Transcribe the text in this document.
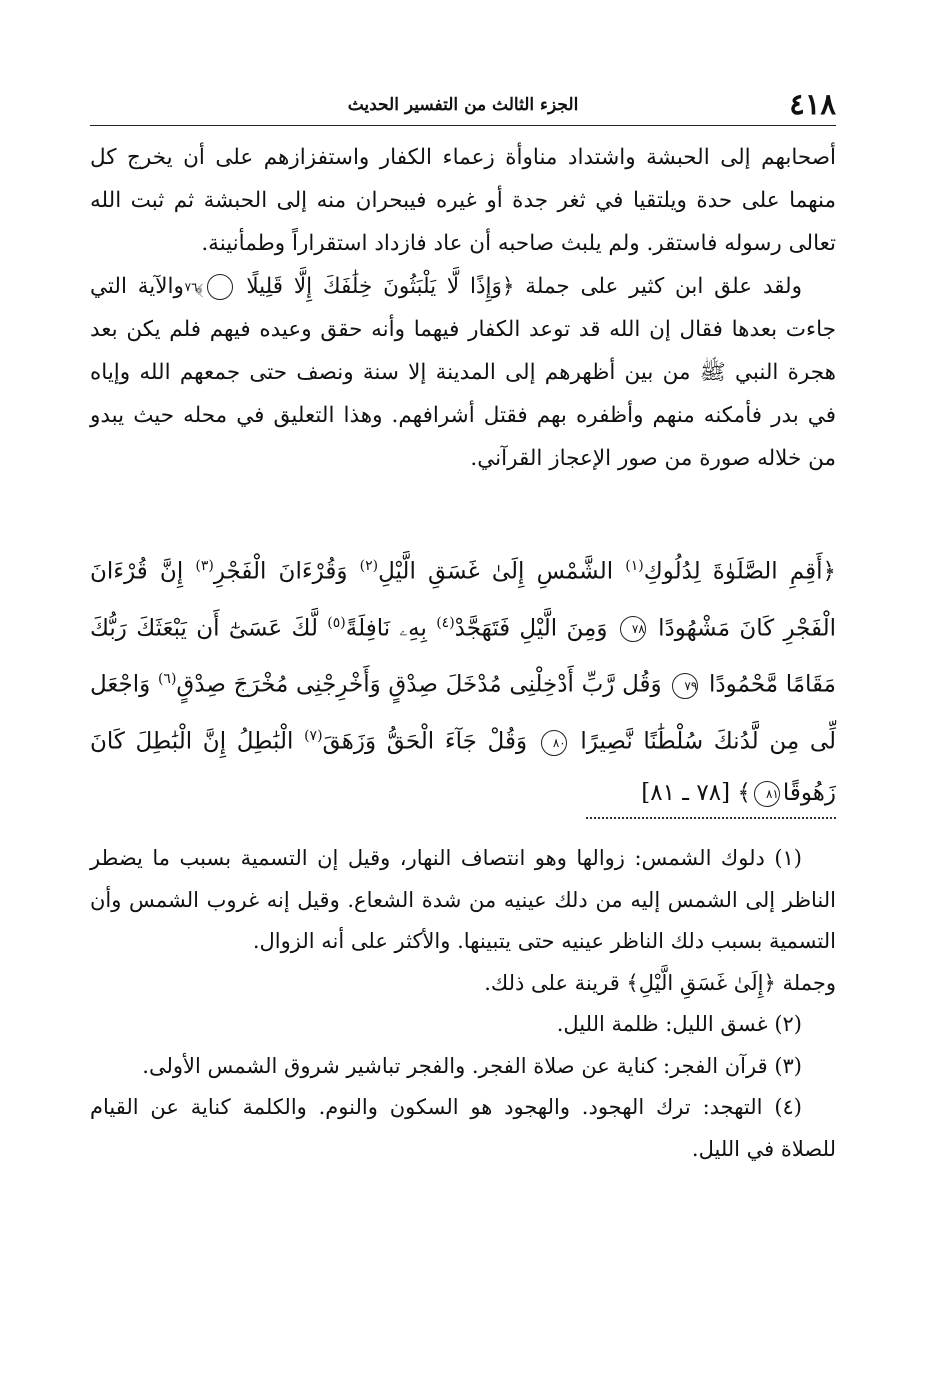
٤١٨
الجزء الثالث من التفسير الحديث

أصحابهم إلى الحبشة واشتداد مناوأة زعماء الكفار واستفزازهم على أن يخرج كل منهما على حدة ويلتقيا في ثغر جدة أو غيره فيبحران منه إلى الحبشة ثم ثبت الله تعالى رسوله فاستقر. ولم يلبث صاحبه أن عاد فازداد استقراراً وطمأنينة.

ولقد علق ابن كثير على جملة ﴿وَإِذًا لَّا يَلْبَثُونَ خِلَٰفَكَ إِلَّا قَلِيلًا ٧٦﴾ والآية التي جاءت بعدها فقال إن الله قد توعد الكفار فيهما وأنه حقق وعيده فيهم فلم يكن بعد هجرة النبي ﷺ من بين أظهرهم إلى المدينة إلا سنة ونصف حتى جمعهم الله وإياه في بدر فأمكنه منهم وأظفره بهم فقتل أشرافهم. وهذا التعليق في محله حيث يبدو من خلاله صورة من صور الإعجاز القرآني.

﴿أَقِمِ الصَّلَوٰةَ لِدُلُوكِ$^{(١)}$ الشَّمْسِ إِلَىٰ غَسَقِ الَّيْلِ$^{(٢)}$ وَقُرْءَانَ الْفَجْرِ$^{(٣)}$ إِنَّ قُرْءَانَ الْفَجْرِ كَانَ مَشْهُودًا ٧٨ وَمِنَ الَّيْلِ فَتَهَجَّدْ$^{(٤)}$ بِهِۦ نَافِلَةً$^{(٥)}$ لَّكَ عَسَىٰٓ أَن يَبْعَثَكَ رَبُّكَ مَقَامًا مَّحْمُودًا ٧٩ وَقُل رَّبِّ أَدْخِلْنِى مُدْخَلَ صِدْقٍ وَأَخْرِجْنِى مُخْرَجَ صِدْقٍ$^{(٦)}$ وَاجْعَل لِّى مِن لَّدُنكَ سُلْطَٰنًا نَّصِيرًا ٨٠ وَقُلْ جَآءَ الْحَقُّ وَزَهَقَ$^{(٧)}$ الْبَٰطِلُ إِنَّ الْبَٰطِلَ كَانَ زَهُوقًا٨١﴾ [٧٨ ـ ٨١]

(١) دلوك الشمس: زوالها وهو انتصاف النهار، وقيل إن التسمية بسبب ما يضطر الناظر إلى الشمس إليه من دلك عينيه من شدة الشعاع. وقيل إنه غروب الشمس وأن التسمية بسبب دلك الناظر عينيه حتى يتبينها. والأكثر على أنه الزوال.

وجملة ﴿إِلَىٰ غَسَقِ الَّيْلِ﴾ قرينة على ذلك.

(٢) غسق الليل: ظلمة الليل.

(٣) قرآن الفجر: كناية عن صلاة الفجر. والفجر تباشير شروق الشمس الأولى.

(٤) التهجد: ترك الهجود. والهجود هو السكون والنوم. والكلمة كناية عن القيام للصلاة في الليل.
